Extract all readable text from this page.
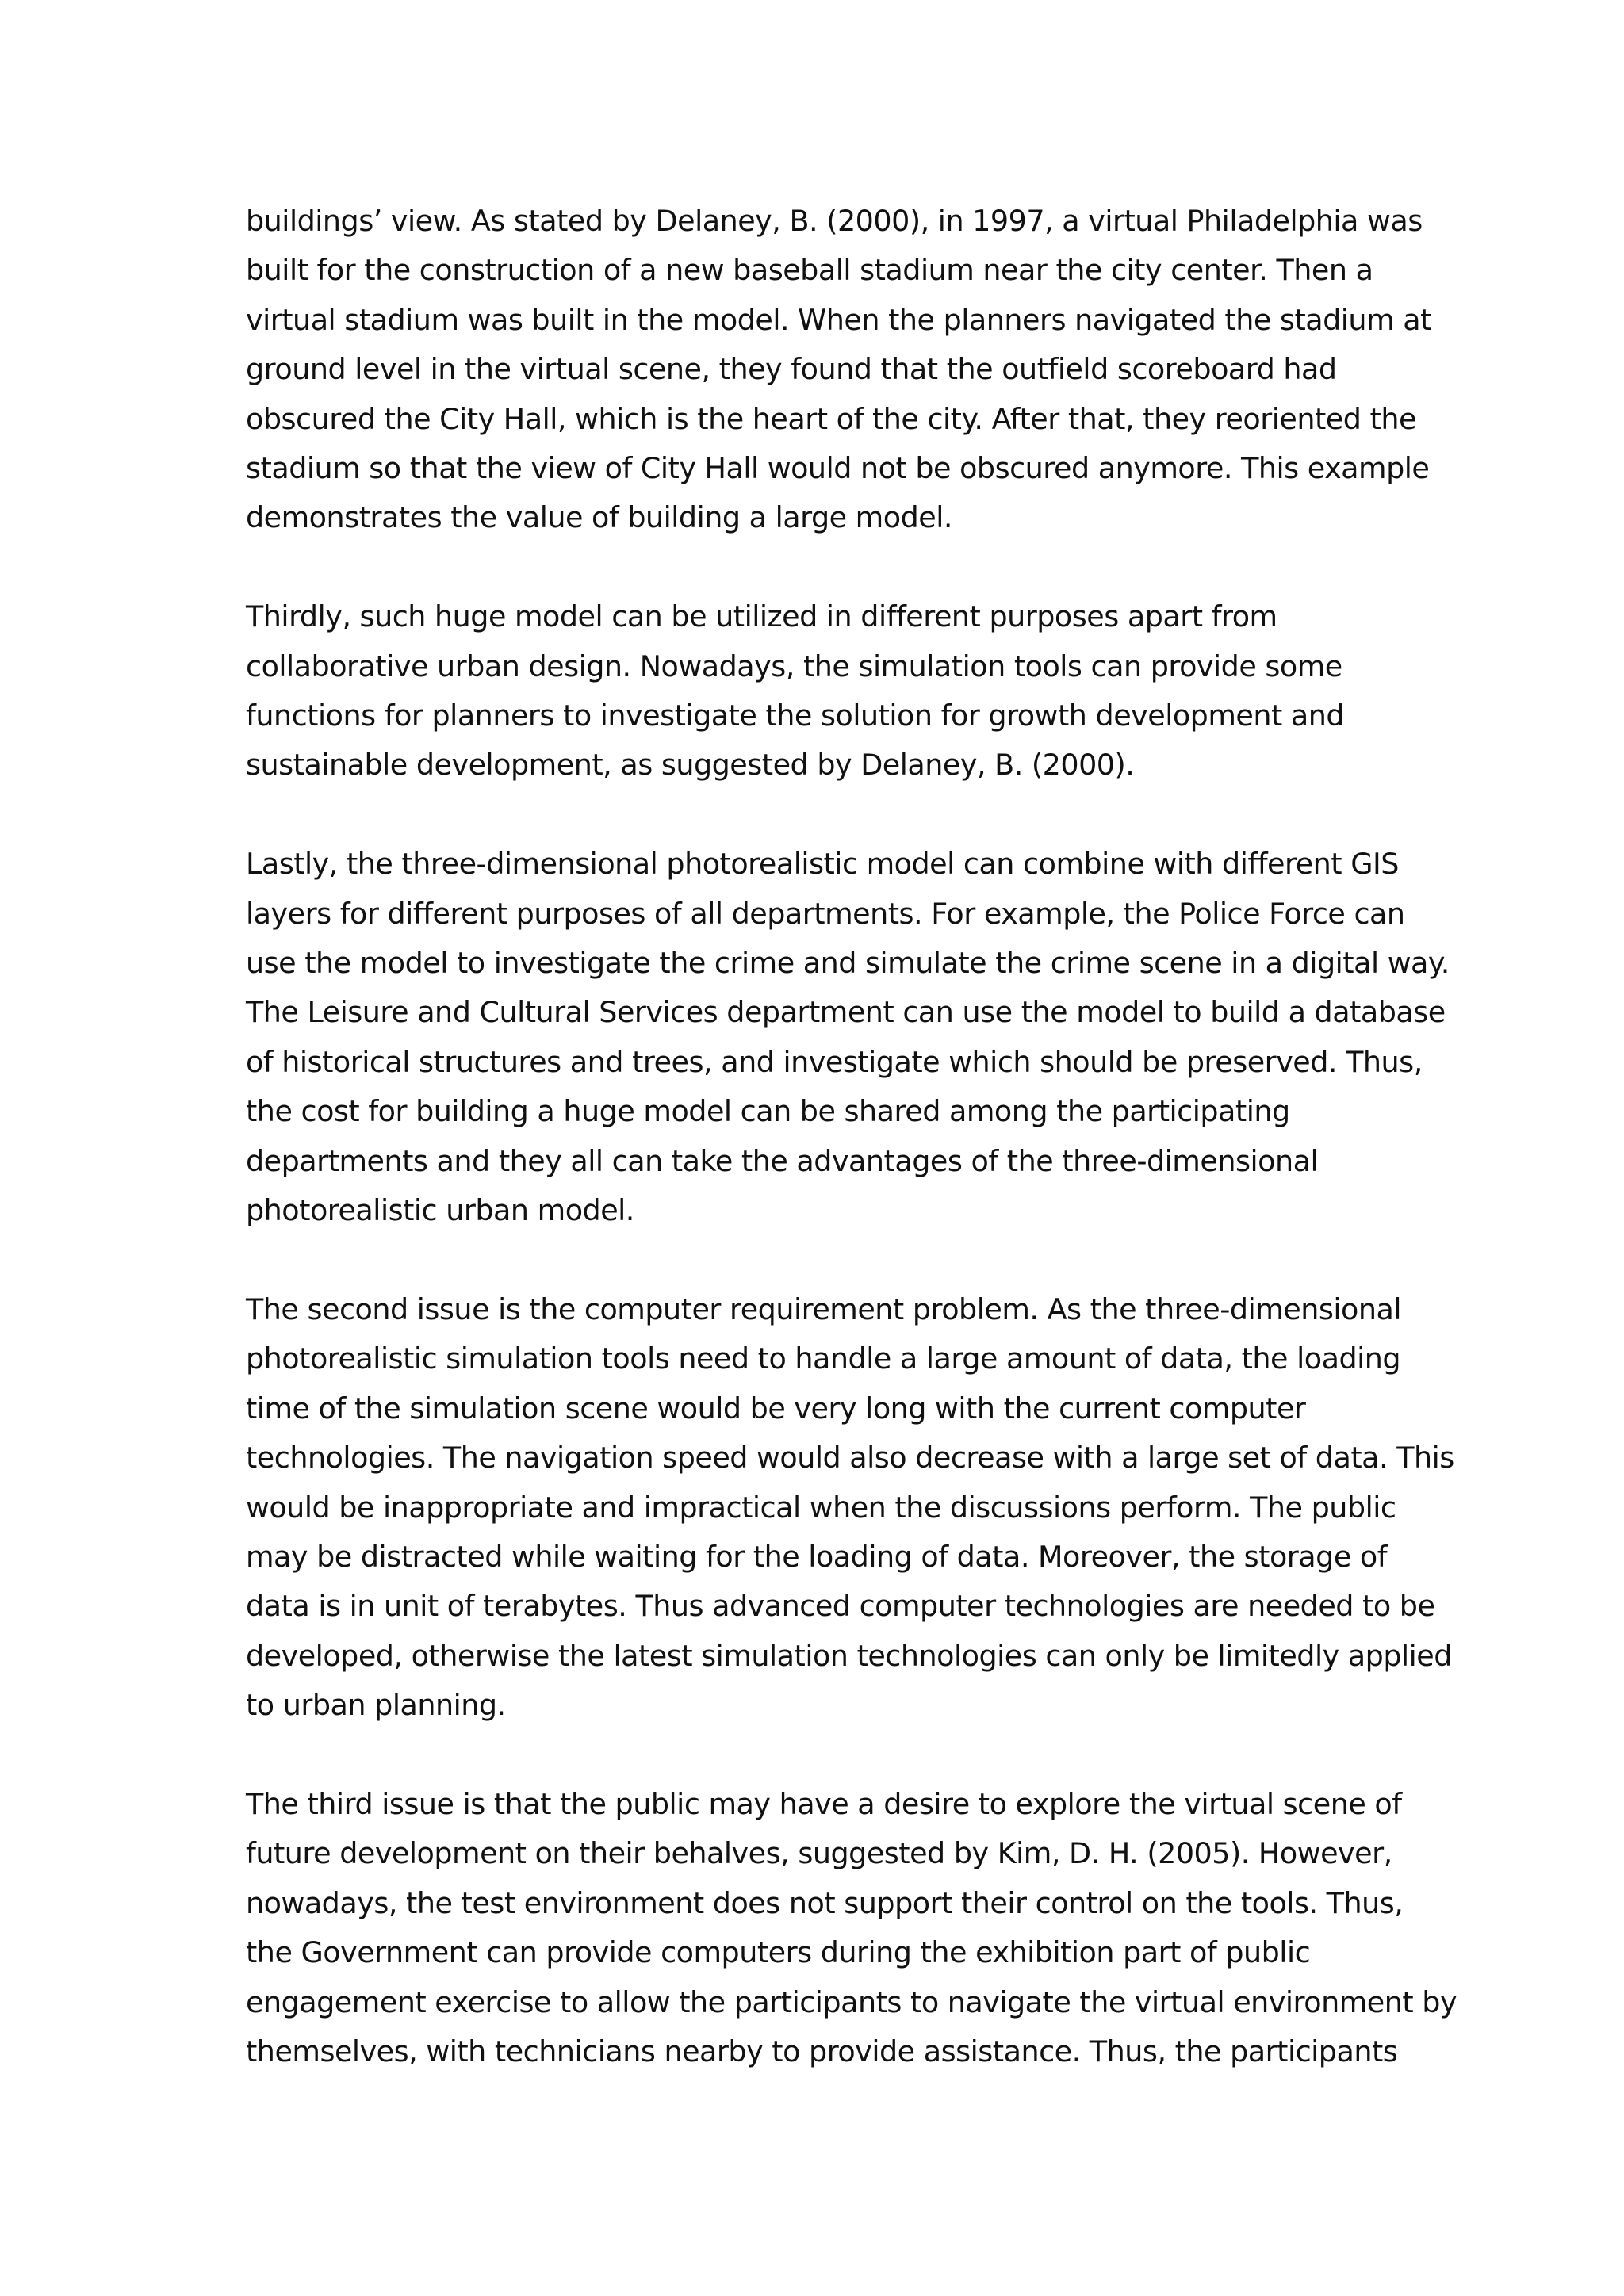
buildings’ view. As stated by Delaney, B. (2000), in 1997, a virtual Philadelphia was
built for the construction of a new baseball stadium near the city center. Then a
virtual stadium was built in the model. When the planners navigated the stadium at
ground level in the virtual scene, they found that the outfield scoreboard had
obscured the City Hall, which is the heart of the city. After that, they reoriented the
stadium so that the view of City Hall would not be obscured anymore. This example
demonstrates the value of building a large model.

Thirdly, such huge model can be utilized in different purposes apart from
collaborative urban design. Nowadays, the simulation tools can provide some
functions for planners to investigate the solution for growth development and
sustainable development, as suggested by Delaney, B. (2000).

Lastly, the three-dimensional photorealistic model can combine with different GIS
layers for different purposes of all departments. For example, the Police Force can
use the model to investigate the crime and simulate the crime scene in a digital way.
The Leisure and Cultural Services department can use the model to build a database
of historical structures and trees, and investigate which should be preserved. Thus,
the cost for building a huge model can be shared among the participating
departments and they all can take the advantages of the three-dimensional
photorealistic urban model.

The second issue is the computer requirement problem. As the three-dimensional
photorealistic simulation tools need to handle a large amount of data, the loading
time of the simulation scene would be very long with the current computer
technologies. The navigation speed would also decrease with a large set of data. This
would be inappropriate and impractical when the discussions perform. The public
may be distracted while waiting for the loading of data. Moreover, the storage of
data is in unit of terabytes. Thus advanced computer technologies are needed to be
developed, otherwise the latest simulation technologies can only be limitedly applied
to urban planning.

The third issue is that the public may have a desire to explore the virtual scene of
future development on their behalves, suggested by Kim, D. H. (2005). However,
nowadays, the test environment does not support their control on the tools. Thus,
the Government can provide computers during the exhibition part of public
engagement exercise to allow the participants to navigate the virtual environment by
themselves, with technicians nearby to provide assistance. Thus, the participants
